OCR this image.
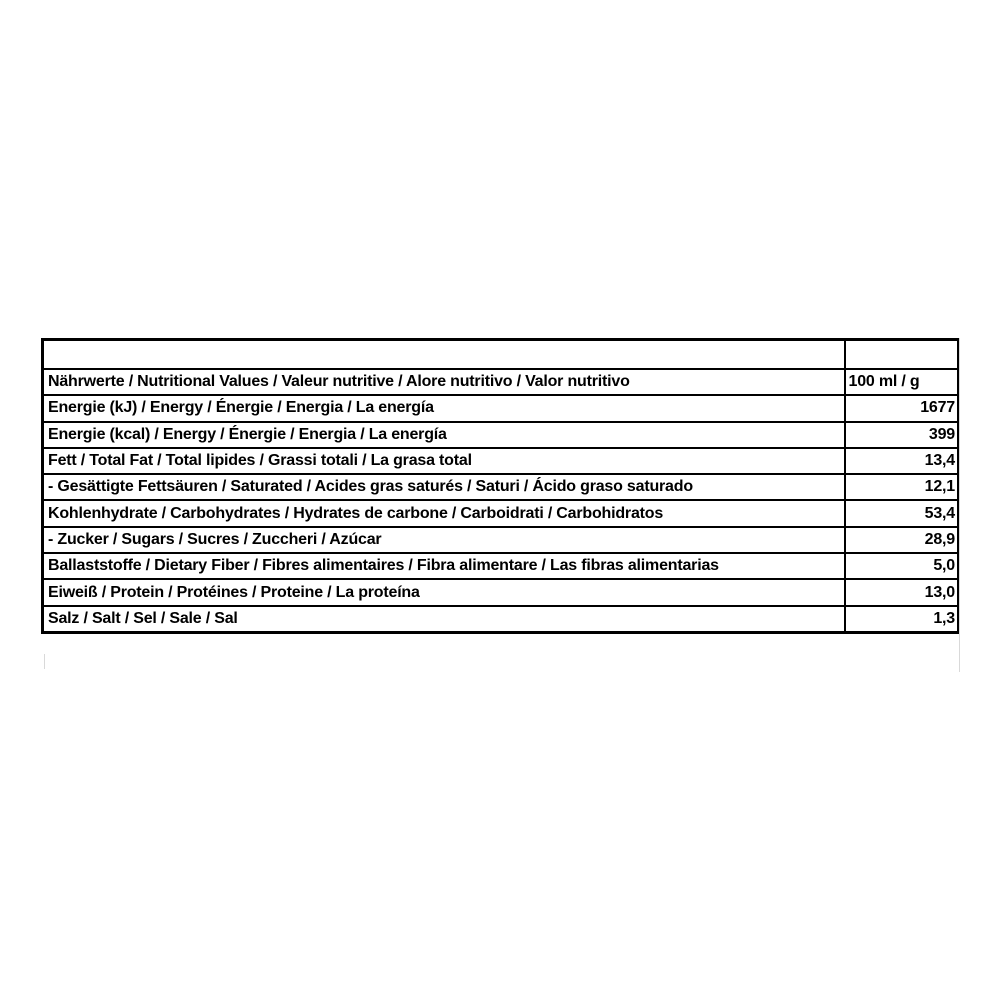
Nährwerte / Nutritional Values / Valeur nutritive / Alore nutritivo / Valor nutritivo	100 ml / g
Energie (kJ) / Energy / Énergie / Energia / La energía	1677
Energie (kcal) / Energy / Énergie / Energia / La energía	399
Fett / Total Fat / Total lipides / Grassi totali / La grasa total	13,4
- Gesättigte Fettsäuren / Saturated / Acides gras saturés / Saturi / Ácido graso saturado	12,1
Kohlenhydrate / Carbohydrates / Hydrates de carbone / Carboidrati / Carbohidratos	53,4
- Zucker / Sugars / Sucres / Zuccheri / Azúcar	28,9
Ballaststoffe / Dietary Fiber / Fibres alimentaires / Fibra alimentare / Las fibras alimentarias	5,0
Eiweiß / Protein / Protéines / Proteine / La proteína	13,0
Salz / Salt / Sel / Sale / Sal	1,3
